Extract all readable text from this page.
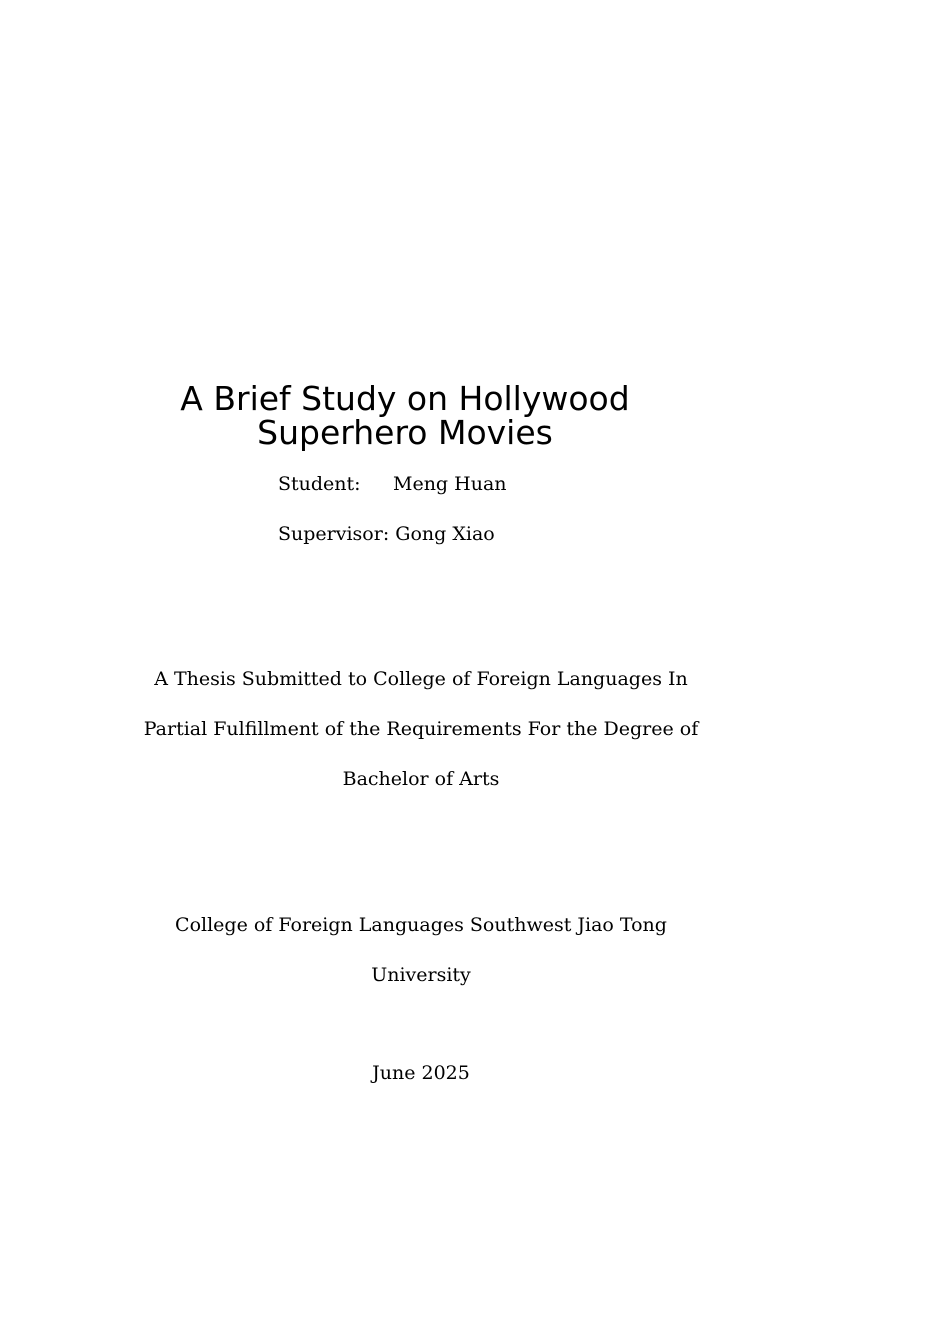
A Brief Study on Hollywood
Superhero Movies
Student: Meng Huan
Supervisor: Gong Xiao
A Thesis Submitted to College of Foreign Languages In
Partial Fulfillment of the Requirements For the Degree of
Bachelor of Arts
College of Foreign Languages Southwest Jiao Tong
University
June 2025
